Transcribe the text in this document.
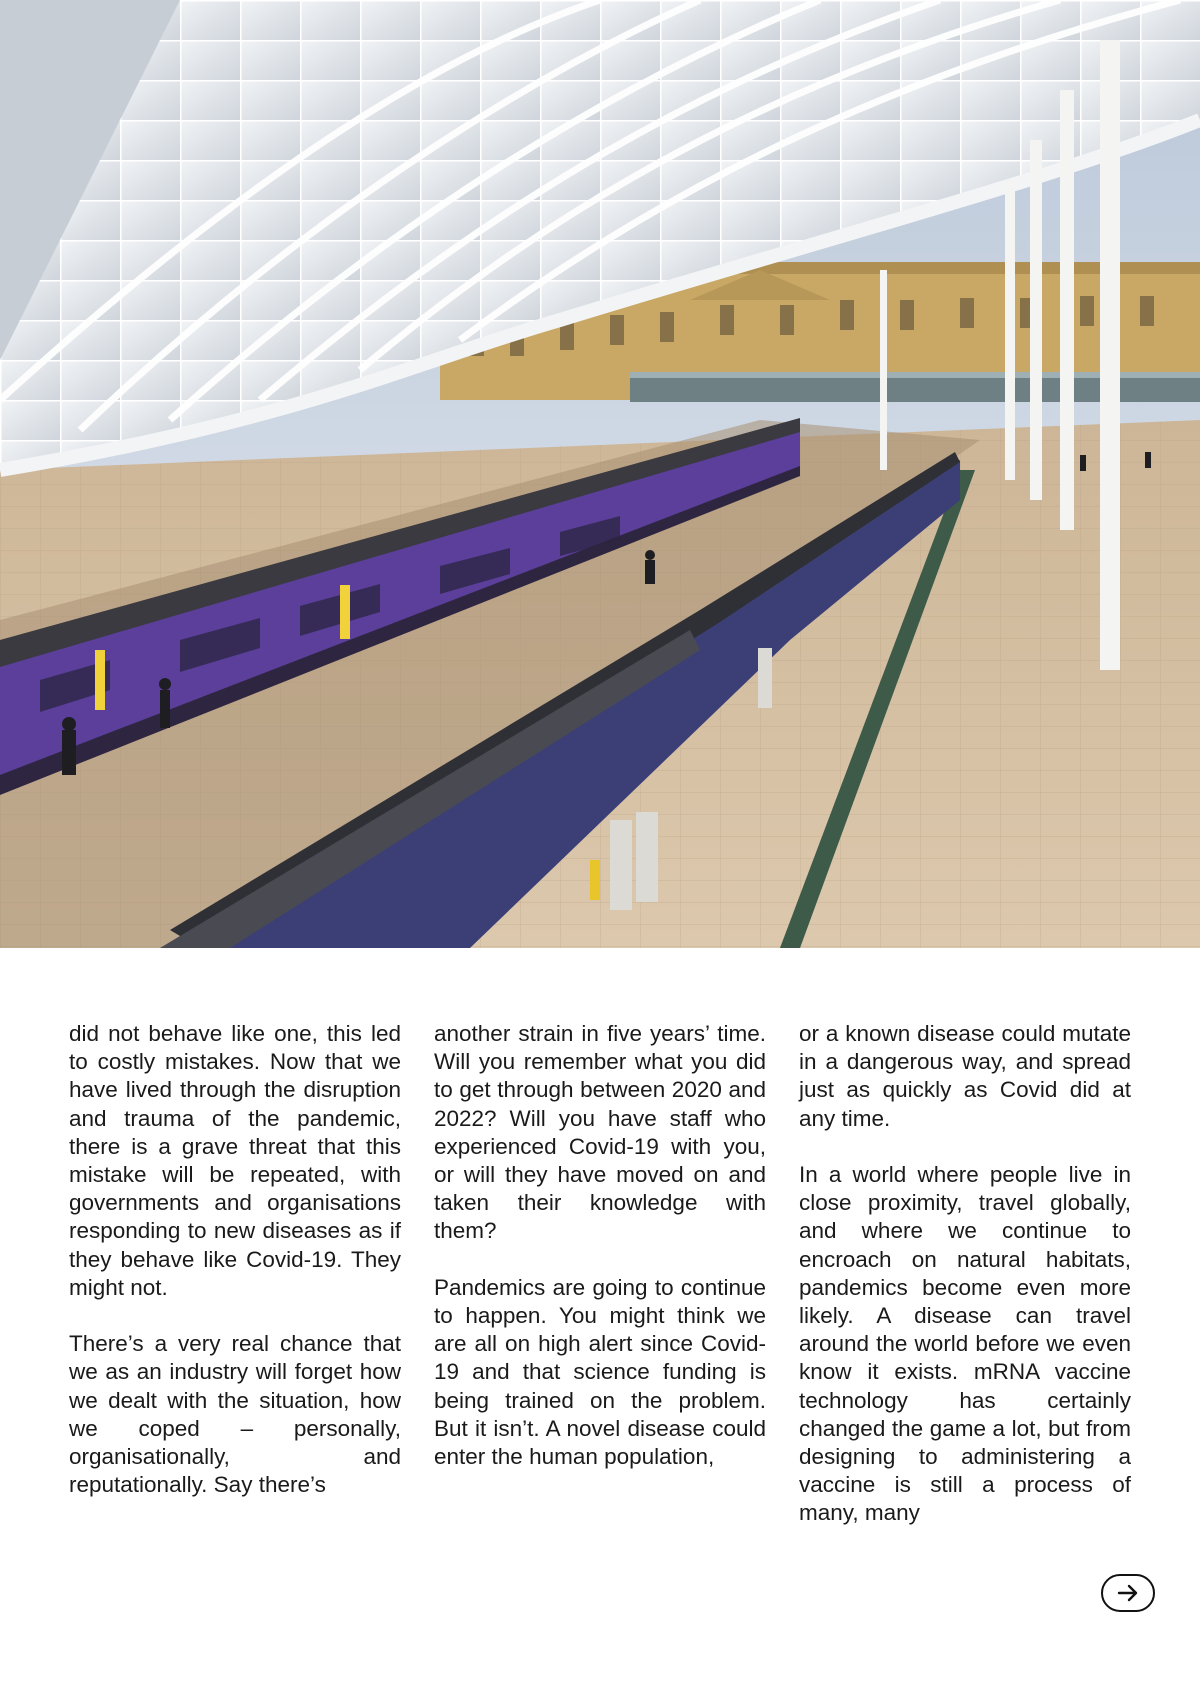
did not behave like one, this led to costly mistakes. Now that we have lived through the disruption and trauma of the pandemic, there is a grave threat that this mistake will be repeated, with governments and organisations responding to new diseases as if they behave like Covid-19. They might not.

There’s a very real chance that we as an industry will forget how we dealt with the situation, how we coped – personally, organisationally, and reputationally. Say there’s

another strain in five years’ time. Will you remember what you did to get through between 2020 and 2022? Will you have staff who experienced Covid-19 with you, or will they have moved on and taken their knowledge with them?

Pandemics are going to continue to happen. You might think we are all on high alert since Covid-19 and that science funding is being trained on the problem. But it isn’t. A novel disease could enter the human population,

or a known disease could mutate in a dangerous way, and spread just as quickly as Covid did at any time.

In a world where people live in close proximity, travel globally, and where we continue to encroach on natural habitats, pandemics become even more likely. A disease can travel around the world before we even know it exists. mRNA vaccine technology has certainly changed the game a lot, but from designing to administering a vaccine is still a process of many, many
